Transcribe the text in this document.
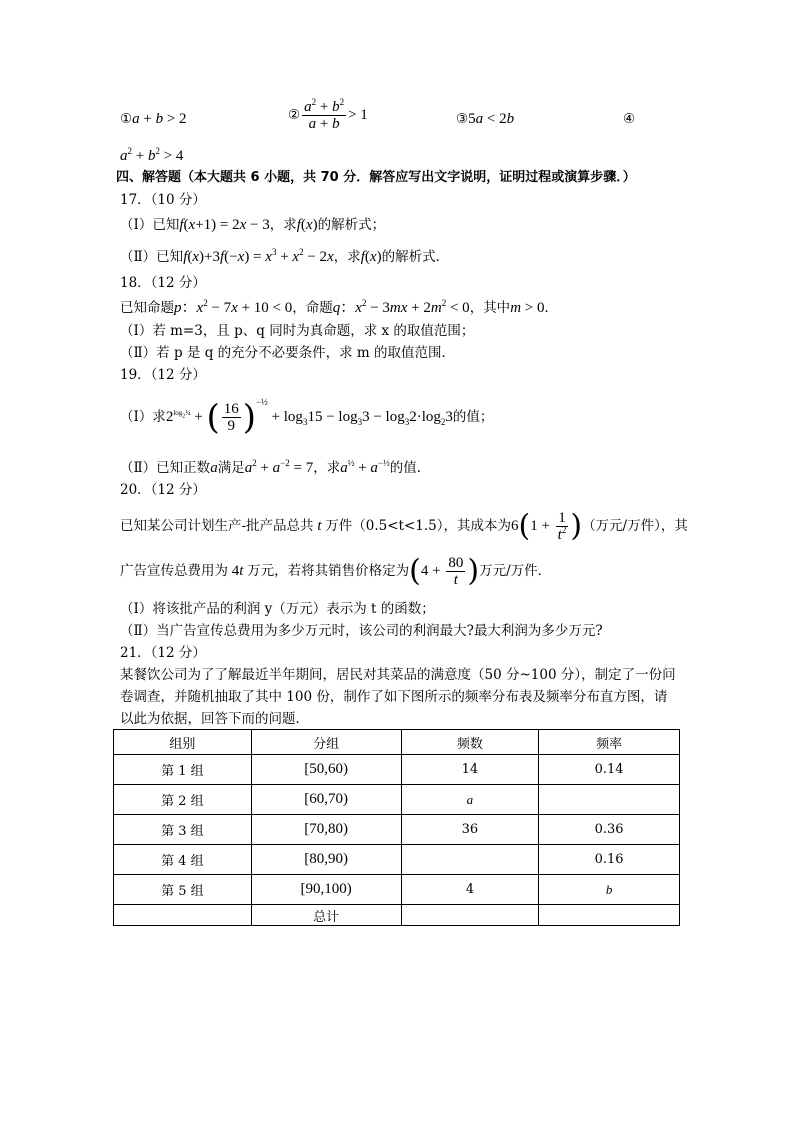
①a + b > 2	② $\frac{a^2 + b^2}{a + b} > 1$	③5a < 2b	④
$a^2 + b^2 > 4$
四、解答题（本大题共 6 小题，共 70 分．解答应写出文字说明，证明过程或演算步骤．）
17．（10 分）
（Ⅰ）已知f(x+1) = 2x − 3，求f(x)的解析式；
（Ⅱ）已知$f(x)+3f(-x) = x^3 + x^2 - 2x$，求f(x)的解析式．
18．（12 分）
已知命题p：$x^2 - 7x + 10 < 0$，命题q：$x^2 - 3mx + 2m^2 < 0$，其中m > 0．
（Ⅰ）若 m=3，且 p、q 同时为真命题，求 x 的取值范围；
（Ⅱ）若 p 是 q 的充分不必要条件，求 m 的取值范围．
19．（12 分）
（Ⅰ）求$2^{log_2\frac{1}{4}}$ + ( $\frac{16}{9} )^{-\frac{1}{2}} + \log_315 - \log_33 - \log_32\cdot\log_23$的值；
（Ⅱ）已知正数a满足$a^2 + a^{-2} = 7$，求$a^{\frac{1}{2}} + a^{-\frac{1}{2}}$的值．
20．（12 分）
已知某公司计划生产-批产品总共 t 万件（0.5<t<1.5），其成本为$6(1 + \frac{1}{t^2}$ )（万元/万件），其
广告宣传总费用为 4t 万元，若将其销售价格定为($4 + \frac{80}{t}$ )万元/万件．
（Ⅰ）将该批产品的利润 y（万元）表示为 t 的函数；
（Ⅱ）当广告宣传总费用为多少万元时，该公司的利润最大?最大利润为多少万元?
21．（12 分）
某餐饮公司为了了解最近半年期间，居民对其菜品的满意度（50 分~100 分），制定了一份问
卷调查，并随机抽取了其中 100 份，制作了如下图所示的频率分布表及频率分布直方图，请
以此为依据，回答下而的问题．
组别	分组	频数	频率
第 1 组	[50,60)	14	0.14
第 2 组	[60,70)	a	
第 3 组	[70,80)	36	0.36
第 4 组	[80,90)		0.16
第 5 组	[90,100)	4	b
	总计		
